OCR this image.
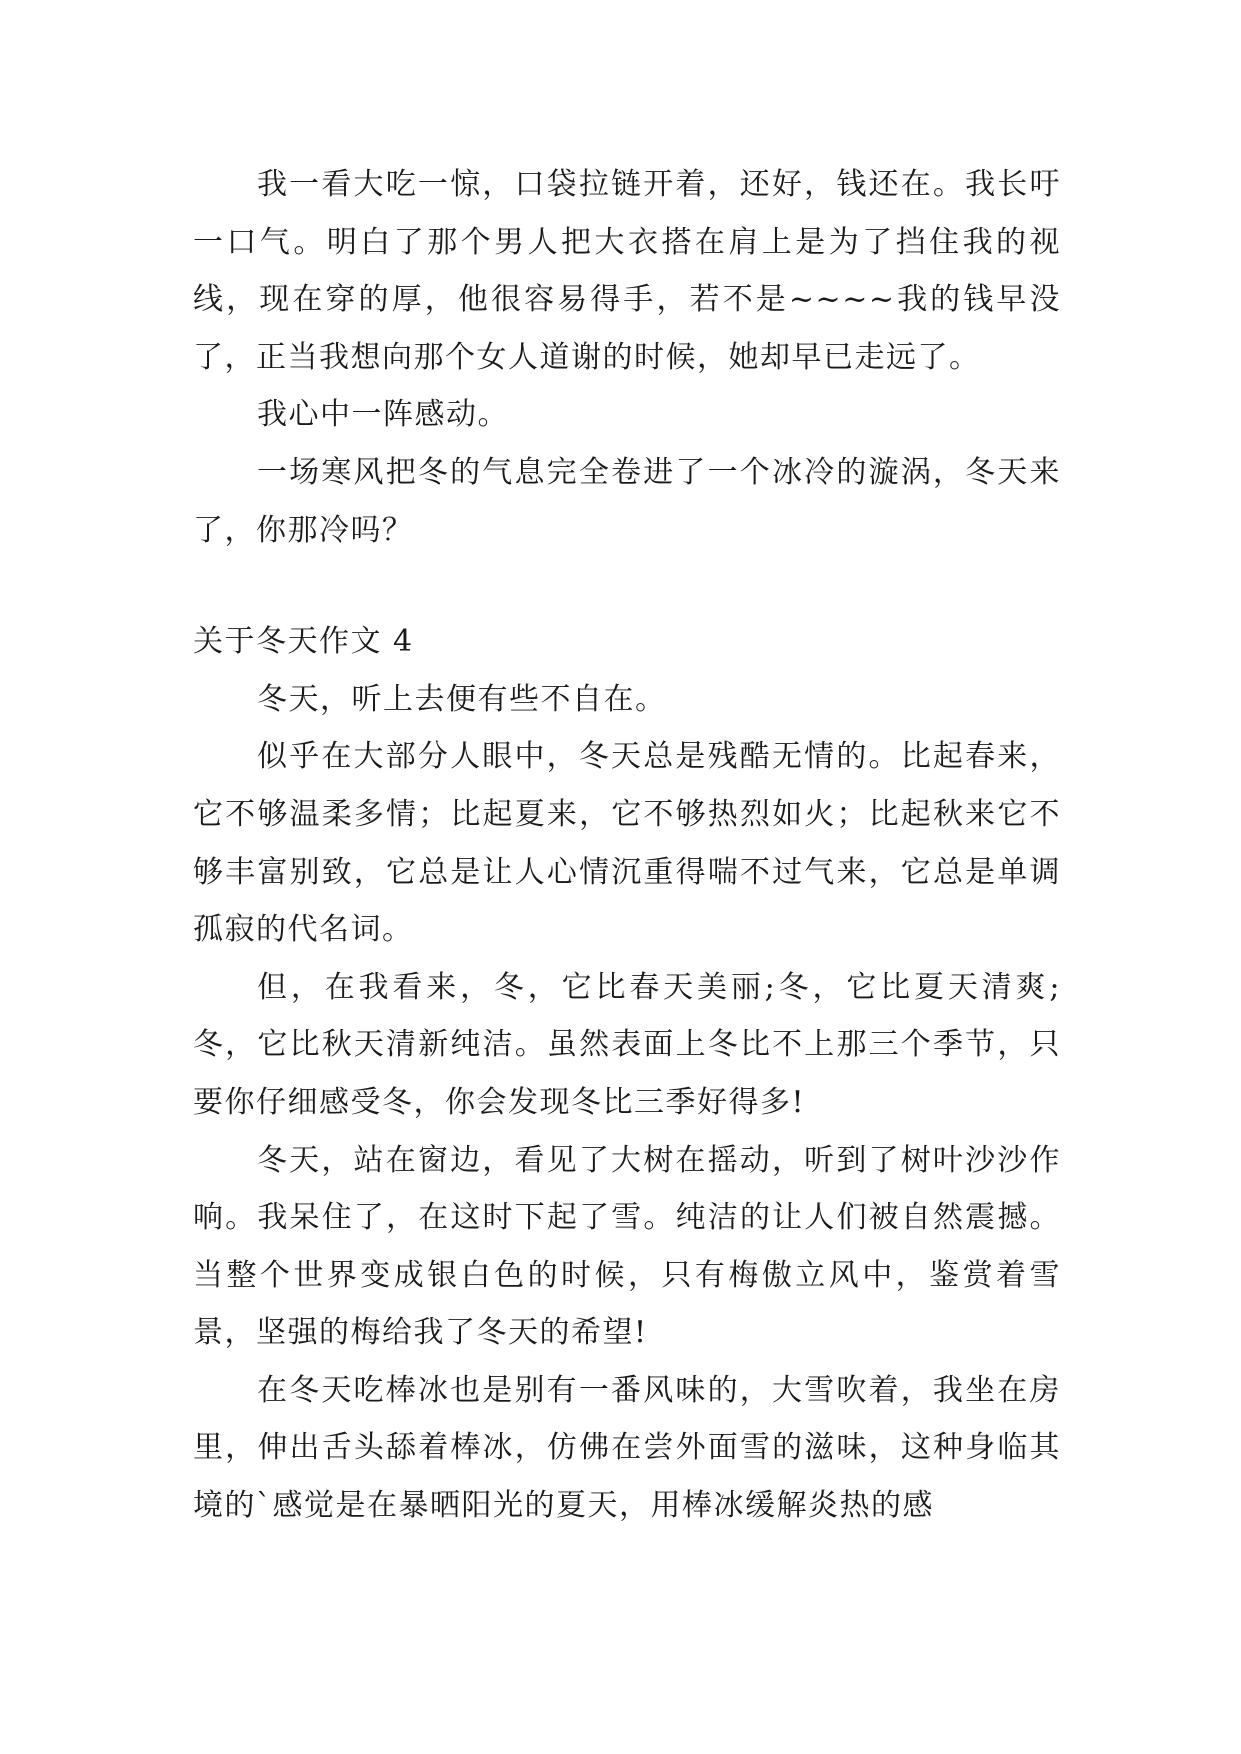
我一看大吃一惊，口袋拉链开着，还好，钱还在。我长吁一口气。明白了那个男人把大衣搭在肩上是为了挡住我的视线，现在穿的厚，他很容易得手，若不是~~~~我的钱早没了，正当我想向那个女人道谢的时候，她却早已走远了。

我心中一阵感动。

一场寒风把冬的气息完全卷进了一个冰冷的漩涡，冬天来了，你那冷吗？

关于冬天作文 4

冬天，听上去便有些不自在。

似乎在大部分人眼中，冬天总是残酷无情的。比起春来，它不够温柔多情；比起夏来，它不够热烈如火；比起秋来它不够丰富别致，它总是让人心情沉重得喘不过气来，它总是单调孤寂的代名词。

但，在我看来，冬，它比春天美丽;冬，它比夏天清爽;冬，它比秋天清新纯洁。虽然表面上冬比不上那三个季节，只要你仔细感受冬，你会发现冬比三季好得多!

冬天，站在窗边，看见了大树在摇动，听到了树叶沙沙作响。我呆住了，在这时下起了雪。纯洁的让人们被自然震撼。当整个世界变成银白色的时候，只有梅傲立风中，鉴赏着雪景，坚强的梅给我了冬天的希望!

在冬天吃棒冰也是别有一番风味的，大雪吹着，我坐在房里，伸出舌头舔着棒冰，仿佛在尝外面雪的滋味，这种身临其境的`感觉是在暴晒阳光的夏天，用棒冰缓解炎热的感
